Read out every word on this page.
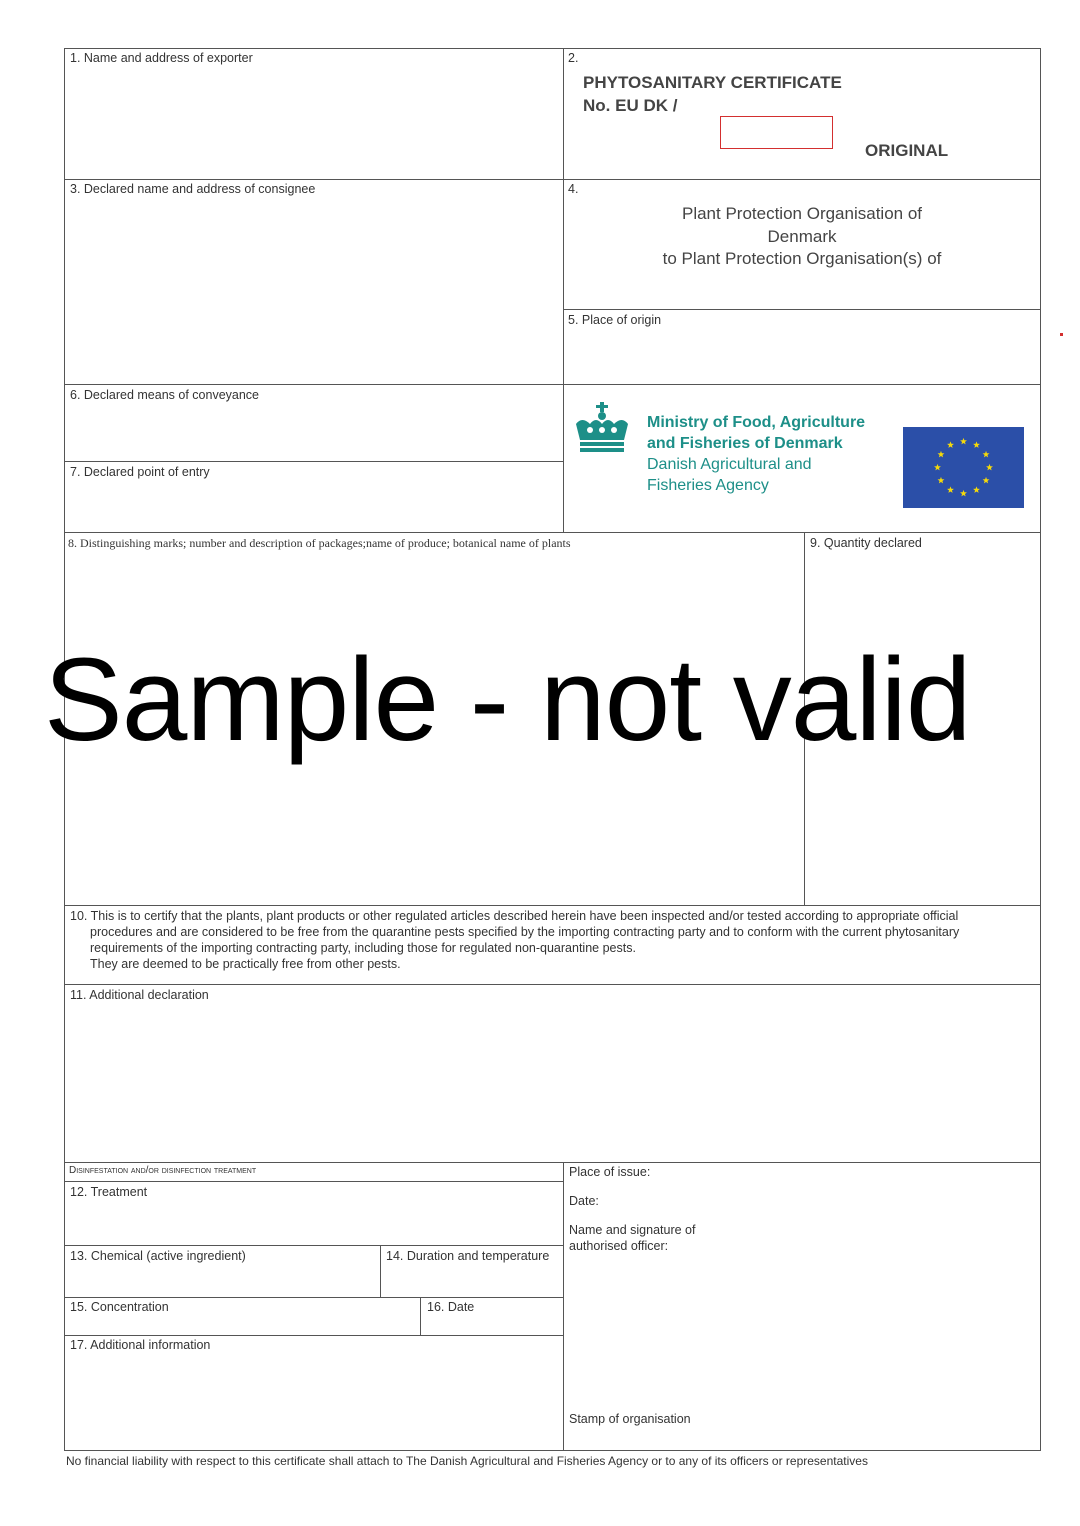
1. Name and address of exporter	2.
PHYTOSANITARY CERTIFICATE
No. EU DK /
ORIGINAL
3. Declared name and address of consignee	4.
Plant Protection Organisation of
Denmark
to Plant Protection Organisation(s) of
5. Place of origin
6. Declared means of conveyance
7. Declared point of entry
Ministry of Food, Agriculture
and Fisheries of Denmark
Danish Agricultural and
Fisheries Agency
8. Distinguishing marks; number and description of packages;name of produce; botanical name of plants	9. Quantity declared
10. This is to certify that the plants, plant products or other regulated articles described herein have been inspected and/or tested according to appropriate official
procedures and are considered to be free from the quarantine pests specified by the importing contracting party and to conform with the current phytosanitary
requirements of the importing contracting party, including those for regulated non-quarantine pests.
They are deemed to be practically free from other pests.
11. Additional declaration
Disinfestation and/or disinfection treatment
12. Treatment
13. Chemical (active ingredient)	14. Duration and temperature
15. Concentration	16. Date
17. Additional information
Place of issue:
Date:
Name and signature of
authorised officer:
Stamp of organisation
No financial liability with respect to this certificate shall attach to The Danish Agricultural and Fisheries Agency or to any of its officers or representatives
Sample - not valid
